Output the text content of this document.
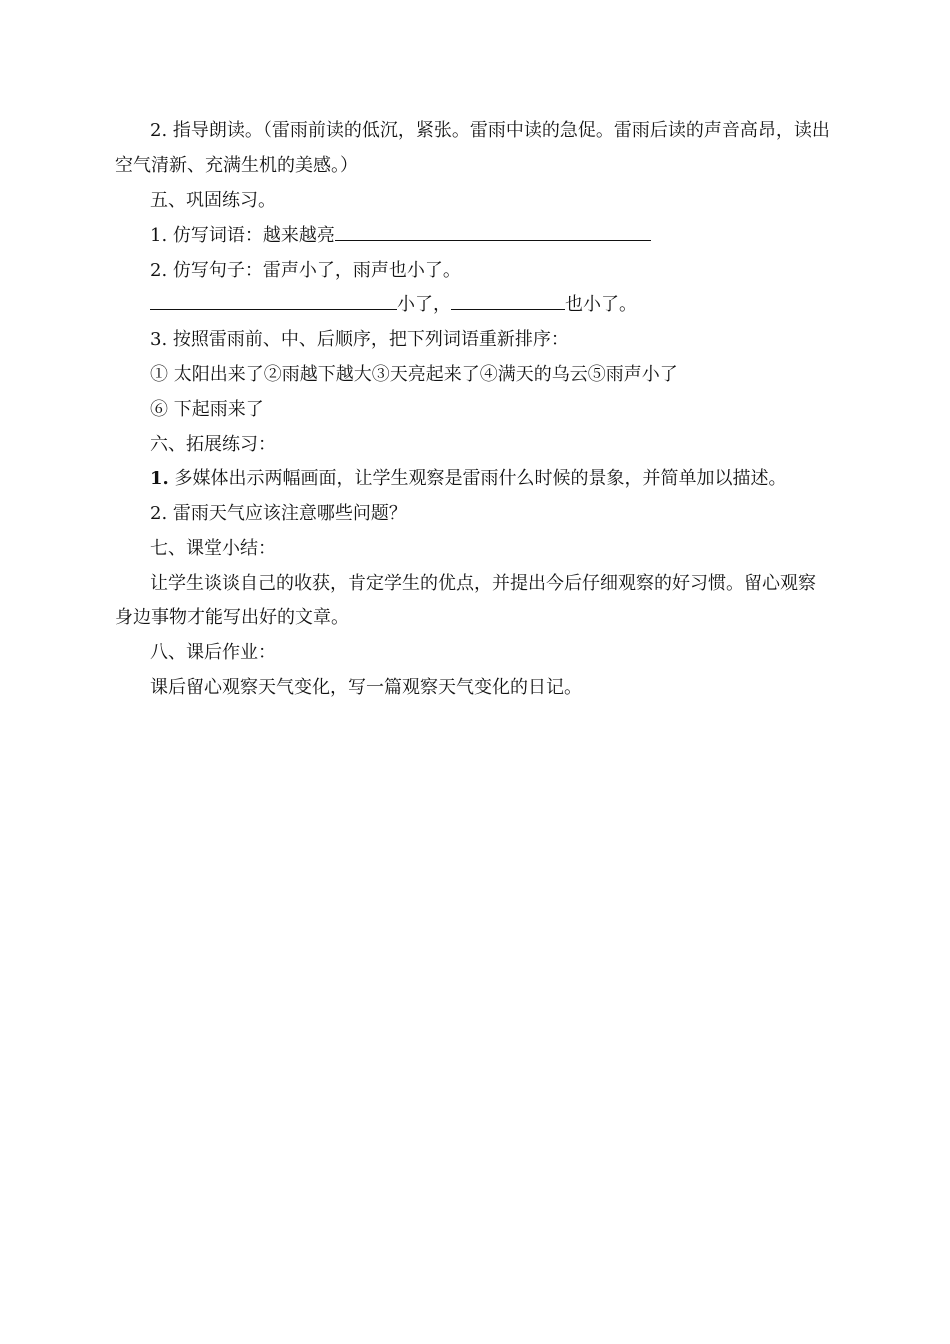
2. 指导朗读。（雷雨前读的低沉，紧张。雷雨中读的急促。雷雨后读的声音高昂，读出
空气清新、充满生机的美感。）
五、巩固练习。
1. 仿写词语：越来越亮
2. 仿写句子：雷声小了，雨声也小了。
小了，	也小了。
3. 按照雷雨前、中、后顺序，把下列词语重新排序：
① 太阳出来了②雨越下越大③天亮起来了④满天的乌云⑤雨声小了
⑥ 下起雨来了
六、拓展练习：
1. 多媒体出示两幅画面，让学生观察是雷雨什么时候的景象，并简单加以描述。
2. 雷雨天气应该注意哪些问题？
七、课堂小结：
让学生谈谈自己的收获，肯定学生的优点，并提出今后仔细观察的好习惯。留心观察
身边事物才能写出好的文章。
八、课后作业：
课后留心观察天气变化，写一篇观察天气变化的日记。
